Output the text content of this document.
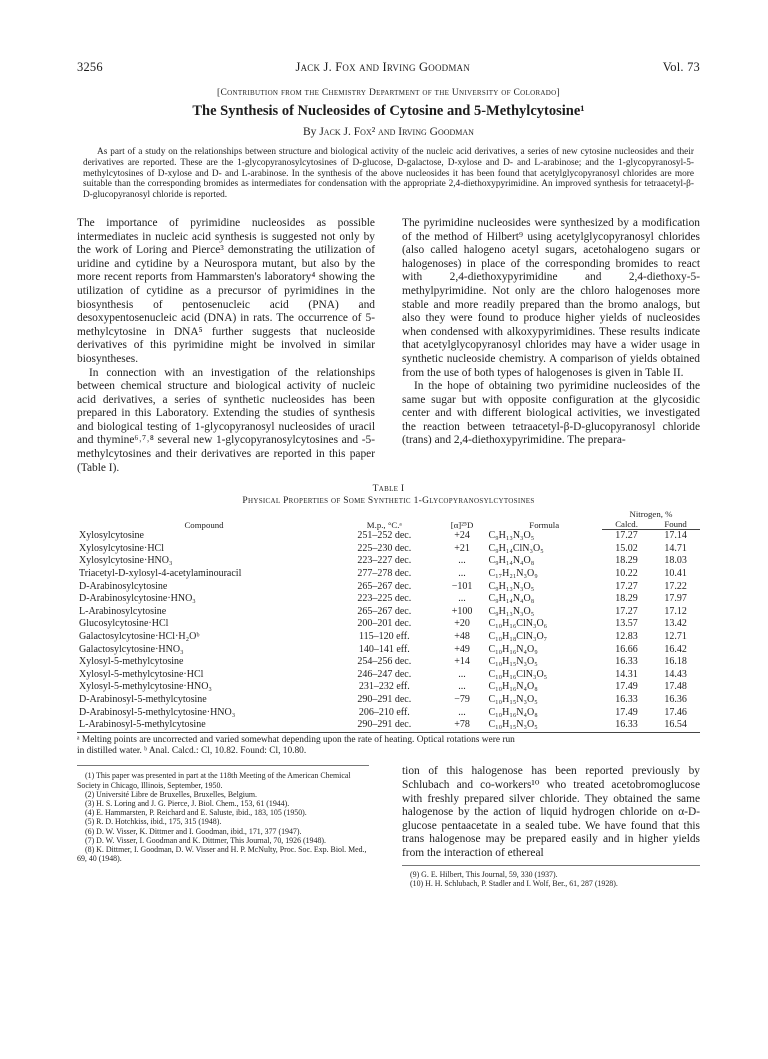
3256	Jack J. Fox and Irving Goodman	Vol. 73
[Contribution from the Chemistry Department of the University of Colorado]
The Synthesis of Nucleosides of Cytosine and 5-Methylcytosine¹
By Jack J. Fox² and Irving Goodman
As part of a study on the relationships between structure and biological activity of the nucleic acid derivatives, a series of new cytosine nucleosides and their derivatives are reported. These are the 1-glycopyranosylcytosines of D-glucose, D-galactose, D-xylose and D- and L-arabinose; and the 1-glycopyranosyl-5-methylcytosines of D-xylose and D- and L-arabinose. In the synthesis of the above nucleosides it has been found that acetylglycopyranosyl chlorides are more suitable than the corresponding bromides as intermediates for condensation with the appropriate 2,4-diethoxypyrimidine. An improved synthesis for tetraacetyl-β-D-glucopyranosyl chloride is reported.

The importance of pyrimidine nucleosides as possible intermediates in nucleic acid synthesis is suggested not only by the work of Loring and Pierce³ demonstrating the utilization of uridine and cytidine by a Neurospora mutant, but also by the more recent reports from Hammarsten's laboratory⁴ showing the utilization of cytidine as a precursor of pyrimidines in the biosynthesis of pentosenucleic acid (PNA) and desoxypentosenucleic acid (DNA) in rats. The occurrence of 5-methylcytosine in DNA⁵ further suggests that nucleoside derivatives of this pyrimidine might be involved in similar biosyntheses.

In connection with an investigation of the relationships between chemical structure and biological activity of nucleic acid derivatives, a series of synthetic nucleosides has been prepared in this Laboratory. Extending the studies of synthesis and biological testing of 1-glycopyranosyl nucleosides of uracil and thymine⁶˒⁷˒⁸ several new 1-glycopyranosylcytosines and -5-methylcytosines and their derivatives are reported in this paper (Table I).

The pyrimidine nucleosides were synthesized by a modification of the method of Hilbert⁹ using acetylglycopyranosyl chlorides (also called halogeno acetyl sugars, acetohalogeno sugars or halogenoses) in place of the corresponding bromides to react with 2,4-diethoxypyrimidine and 2,4-diethoxy-5-methylpyrimidine. Not only are the chloro halogenoses more stable and more readily prepared than the bromo analogs, but also they were found to produce higher yields of nucleosides when condensed with alkoxypyrimidines. These results indicate that acetylglycopyranosyl chlorides may have a wider usage in synthetic nucleoside chemistry. A comparison of yields obtained from the use of both types of halogenoses is given in Table II.

In the hope of obtaining two pyrimidine nucleosides of the same sugar but with opposite configuration at the glycosidic center and with different biological activities, we investigated the reaction between tetraacetyl-β-D-glucopyranosyl chloride (trans) and 2,4-diethoxypyrimidine. The prepara-

Table I
Physical Properties of Some Synthetic 1-Glycopyranosylcytosines
Compound	M.p., °C.ᵃ	[α]²⁵D	Formula	Nitrogen, %	
				Calcd.	Found
Xylosylcytosine	251–252 dec.	+24	C₉H₁₃N₃O₅	17.27	17.14
Xylosylcytosine·HCl	225–230 dec.	+21	C₉H₁₄ClN₃O₅	15.02	14.71
Xylosylcytosine·HNO₃	223–227 dec.	...	C₉H₁₄N₄O₈	18.29	18.03
Triacetyl-D-xylosyl-4-acetylaminouracil	277–278 dec.	...	C₁₇H₂₁N₃O₉	10.22	10.41
D-Arabinosylcytosine	265–267 dec.	−101	C₉H₁₃N₃O₅	17.27	17.22
D-Arabinosylcytosine·HNO₃	223–225 dec.	...	C₉H₁₄N₄O₈	18.29	17.97
L-Arabinosylcytosine	265–267 dec.	+100	C₉H₁₃N₃O₅	17.27	17.12
Glucosylcytosine·HCl	200–201 dec.	+20	C₁₀H₁₆ClN₃O₆	13.57	13.42
Galactosylcytosine·HCl·H₂Oᵇ	115–120 eff.	+48	C₁₀H₁₈ClN₃O₇	12.83	12.71
Galactosylcytosine·HNO₃	140–141 eff.	+49	C₁₀H₁₆N₄O₉	16.66	16.42
Xylosyl-5-methylcytosine	254–256 dec.	+14	C₁₀H₁₅N₃O₅	16.33	16.18
Xylosyl-5-methylcytosine·HCl	246–247 dec.	...	C₁₀H₁₆ClN₃O₅	14.31	14.43
Xylosyl-5-methylcytosine·HNO₃	231–232 eff.	...	C₁₀H₁₆N₄O₈	17.49	17.48
D-Arabinosyl-5-methylcytosine	290–291 dec.	−79	C₁₀H₁₅N₃O₅	16.33	16.36
D-Arabinosyl-5-methylcytosine·HNO₃	206–210 eff.	...	C₁₀H₁₆N₄O₈	17.49	17.46
L-Arabinosyl-5-methylcytosine	290–291 dec.	+78	C₁₀H₁₅N₃O₅	16.33	16.54
ᵃ Melting points are uncorrected and varied somewhat depending upon the rate of heating. Optical rotations were run
in distilled water. ᵇ Anal. Calcd.: Cl, 10.82. Found: Cl, 10.80.
(1) This paper was presented in part at the 118th Meeting of the American Chemical Society in Chicago, Illinois, September, 1950.
(2) Université Libre de Bruxelles, Bruxelles, Belgium.
(3) H. S. Loring and J. G. Pierce, J. Biol. Chem., 153, 61 (1944).
(4) E. Hammarsten, P. Reichard and E. Saluste, ibid., 183, 105 (1950).
(5) R. D. Hotchkiss, ibid., 175, 315 (1948).
(6) D. W. Visser, K. Dittmer and I. Goodman, ibid., 171, 377 (1947).
(7) D. W. Visser, I. Goodman and K. Dittmer, This Journal, 70, 1926 (1948).
(8) K. Dittmer, I. Goodman, D. W. Visser and H. P. McNulty, Proc. Soc. Exp. Biol. Med., 69, 40 (1948).

tion of this halogenose has been reported previously by Schlubach and co-workers¹⁰ who treated acetobromoglucose with freshly prepared silver chloride. They obtained the same halogenose by the action of liquid hydrogen chloride on α-D-glucose pentaacetate in a sealed tube. We have found that this trans halogenose may be prepared easily and in higher yields from the interaction of ethereal

(9) G. E. Hilbert, This Journal, 59, 330 (1937).
(10) H. H. Schlubach, P. Stadler and I. Wolf, Ber., 61, 287 (1928).
